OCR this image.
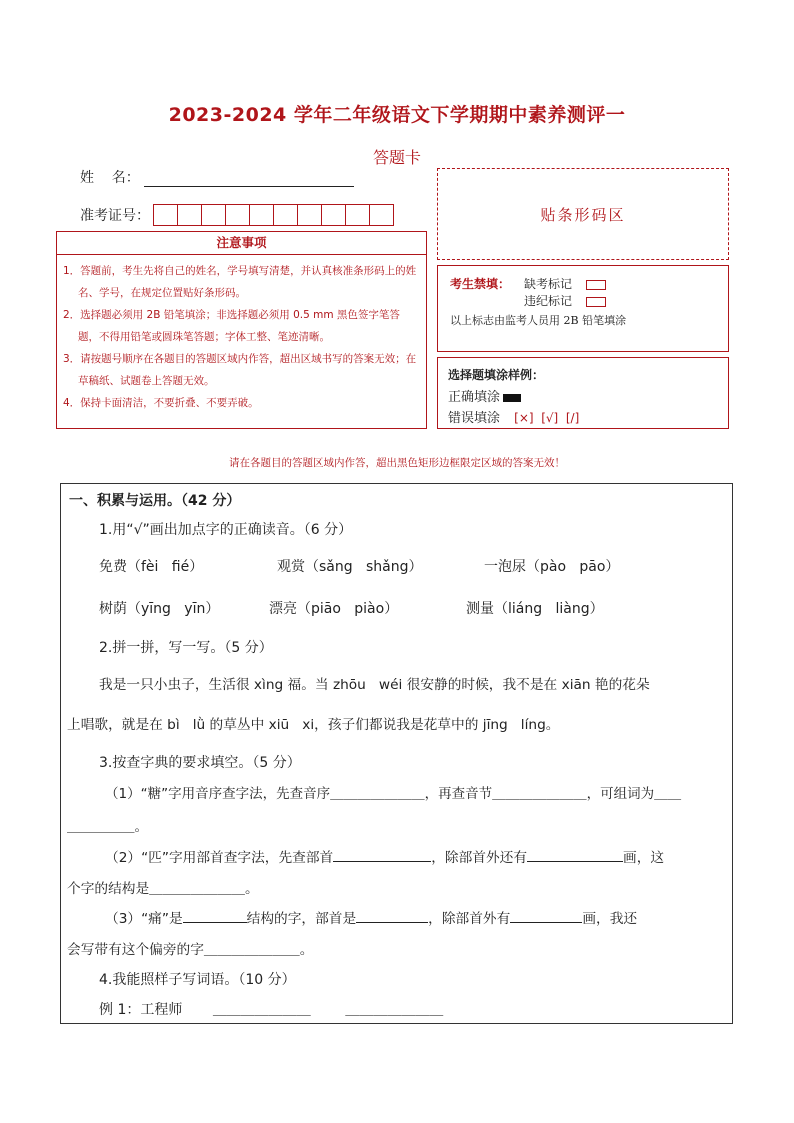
2023-2024 学年二年级语文下学期期中素养测评一
答题卡
姓    名：
准考证号：
注意事项
1．答题前，考生先将自己的姓名，学号填写清楚，并认真核准条形码上的姓名、学号，在规定位置贴好条形码。
2．选择题必须用 2B 铅笔填涂；非选择题必须用 0.5 mm 黑色签字笔答题，不得用铅笔或圆珠笔答题；字体工整、笔迹清晰。
3．请按题号顺序在各题目的答题区域内作答，超出区域书写的答案无效；在草稿纸、试题卷上答题无效。
4．保持卡面清洁，不要折叠、不要弄破。
贴条形码区
考生禁填： 缺考标记
违纪标记
以上标志由监考人员用 2B 铅笔填涂
选择题填涂样例：
正确填涂
错误填涂 [×]  [√]  [/]
请在各题目的答题区域内作答，超出黑色矩形边框限定区域的答案无效！
一、积累与运用。（42 分）
1.用“√”画出加点字的正确读音。（6 分）
免费（fèi   fié）	观赏（sǎng   shǎng）	一泡尿（pào   pāo）
树荫（yīng   yīn）	漂亮（piāo   piào）	测量（liáng   liàng）
2.拼一拼，写一写。（5 分）
我是一只小虫子，生活很 xìng 福。当 zhōu   wéi 很安静的时候，我不是在 xiān 艳的花朵
上唱歌，就是在 bì   lǜ 的草丛中 xiū   xi，孩子们都说我是花草中的 jīng   líng。
3.按查字典的要求填空。（5 分）
（1）“糖”字用音序查字法，先查音序＿＿＿＿＿＿＿，再查音节＿＿＿＿＿＿＿，可组词为＿＿
＿＿＿＿＿。
（2）“匹”字用部首查字法，先查部首	，除部首外还有	画，这
个字的结构是＿＿＿＿＿＿＿。
（3）“痛”是	结构的字，部首是	，除部首外有	画，我还
会写带有这个偏旁的字＿＿＿＿＿＿＿。
4.我能照样子写词语。（10 分）
例 1：工程师 ＿＿＿＿＿＿＿ ＿＿＿＿＿＿＿
